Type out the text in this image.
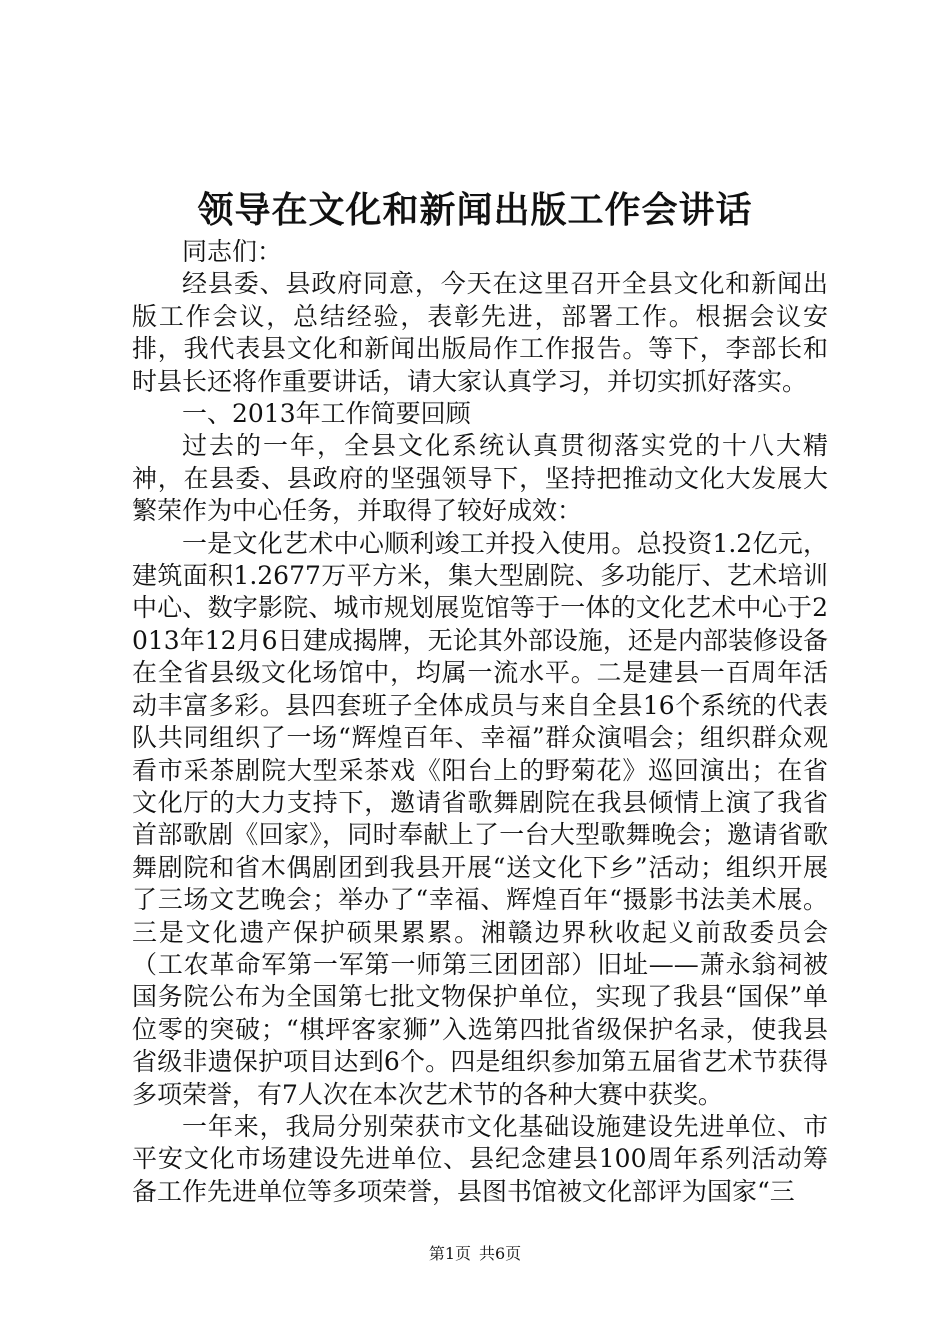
领导在文化和新闻出版工作会讲话

同志们：

经县委、县政府同意，今天在这里召开全县文化和新闻出版工作会议，总结经验，表彰先进，部署工作。根据会议安排，我代表县文化和新闻出版局作工作报告。等下，李部长和时县长还将作重要讲话，请大家认真学习，并切实抓好落实。

一、2013年工作简要回顾

过去的一年，全县文化系统认真贯彻落实党的十八大精神，在县委、县政府的坚强领导下，坚持把推动文化大发展大繁荣作为中心任务，并取得了较好成效：

一是文化艺术中心顺利竣工并投入使用。总投资1.2亿元，建筑面积1.2677万平方米，集大型剧院、多功能厅、艺术培训中心、数字影院、城市规划展览馆等于一体的文化艺术中心于2013年12月6日建成揭牌，无论其外部设施，还是内部装修设备在全省县级文化场馆中，均属一流水平。二是建县一百周年活动丰富多彩。县四套班子全体成员与来自全县16个系统的代表队共同组织了一场“辉煌百年、幸福”群众演唱会；组织群众观看市采茶剧院大型采茶戏《阳台上的野菊花》巡回演出；在省文化厅的大力支持下，邀请省歌舞剧院在我县倾情上演了我省首部歌剧《回家》，同时奉献上了一台大型歌舞晚会；邀请省歌舞剧院和省木偶剧团到我县开展“送文化下乡”活动；组织开展了三场文艺晚会；举办了“幸福、辉煌百年“摄影书法美术展。三是文化遗产保护硕果累累。湘赣边界秋收起义前敌委员会（工农革命军第一军第一师第三团团部）旧址——萧永翁祠被国务院公布为全国第七批文物保护单位，实现了我县“国保”单位零的突破；“棋坪客家狮”入选第四批省级保护名录，使我县省级非遗保护项目达到6个。四是组织参加第五届省艺术节获得多项荣誉，有7人次在本次艺术节的各种大赛中获奖。

一年来，我局分别荣获市文化基础设施建设先进单位、市平安文化市场建设先进单位、县纪念建县100周年系列活动筹备工作先进单位等多项荣誉，县图书馆被文化部评为国家“三

第1页 共6页
